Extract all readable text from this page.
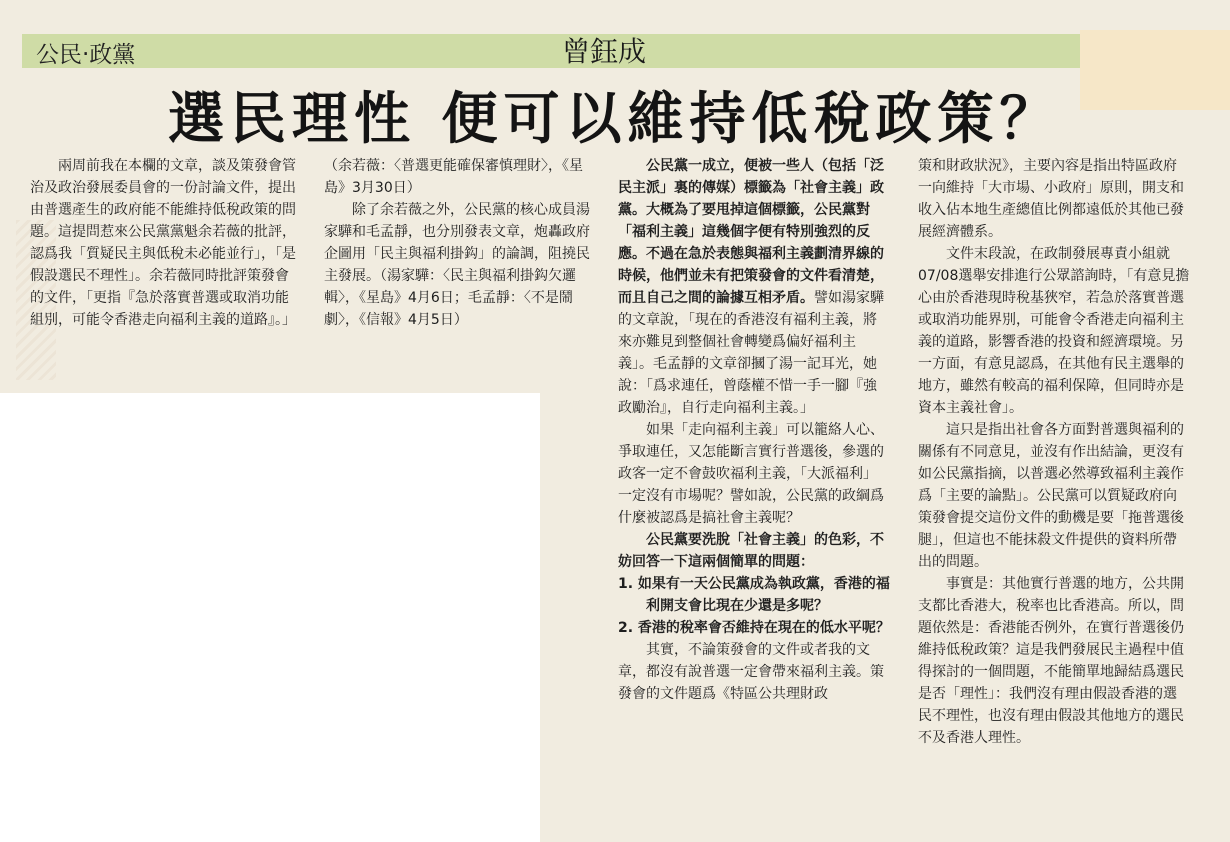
公民‧政黨	曾鈺成
選民理性 便可以維持低稅政策？

兩周前我在本欄的文章，談及策發會管治及政治發展委員會的一份討論文件，提出由普選產生的政府能不能維持低稅政策的問題。這提問惹來公民黨黨魁余若薇的批評，認爲我「質疑民主與低稅未必能並行」，「是假設選民不理性」。余若薇同時批評策發會的文件，「更指『急於落實普選或取消功能組別，可能令香港走向福利主義的道路』。」

（余若薇：〈普選更能確保審慎理財〉，《星島》3月30日）

除了余若薇之外，公民黨的核心成員湯家驊和毛孟靜，也分別發表文章，炮轟政府企圖用「民主與福利掛鈎」的論調，阻撓民主發展。（湯家驊：〈民主與福利掛鈎欠邏輯〉，《星島》4月6日；毛孟靜：〈不是鬧劇〉，《信報》4月5日）

公民黨一成立，便被一些人（包括「泛民主派」裏的傳媒）標籤為「社會主義」政黨。大概為了要甩掉這個標籤，公民黨對「福利主義」這幾個字便有特別強烈的反應。不過在急於表態與福利主義劃清界線的時候，他們並未有把策發會的文件看清楚，而且自己之間的論據互相矛盾。譬如湯家驊的文章說，「現在的香港沒有福利主義，將來亦難見到整個社會轉變爲偏好福利主義」。毛孟靜的文章卻摑了湯一記耳光，她說：「爲求連任，曾蔭權不惜一手一腳『強政勵治』，自行走向福利主義。」

如果「走向福利主義」可以籠絡人心、爭取連任，又怎能斷言實行普選後，參選的政客一定不會鼓吹福利主義，「大派福利」一定沒有市場呢？譬如說，公民黨的政綱爲什麼被認爲是搞社會主義呢？

公民黨要洗脫「社會主義」的色彩，不妨回答一下這兩個簡單的問題：

1. 如果有一天公民黨成為執政黨，香港的福利開支會比現在少還是多呢？
2. 香港的稅率會否維持在現在的低水平呢？

其實，不論策發會的文件或者我的文章，都沒有說普選一定會帶來福利主義。策發會的文件題爲《特區公共理財政

策和財政狀況》，主要內容是指出特區政府一向維持「大市場、小政府」原則，開支和收入佔本地生產總值比例都遠低於其他已發展經濟體系。

文件末段說，在政制發展專責小組就07/08選舉安排進行公眾諮詢時，「有意見擔心由於香港現時稅基狹窄，若急於落實普選或取消功能界別，可能會令香港走向福利主義的道路，影響香港的投資和經濟環境。另一方面，有意見認爲，在其他有民主選舉的地方，雖然有較高的福利保障，但同時亦是資本主義社會」。

這只是指出社會各方面對普選與福利的關係有不同意見，並沒有作出結論，更沒有如公民黨指摘，以普選必然導致福利主義作爲「主要的論點」。公民黨可以質疑政府向策發會提交這份文件的動機是要「拖普選後腿」，但這也不能抹殺文件提供的資料所帶出的問題。

事實是：其他實行普選的地方，公共開支都比香港大，稅率也比香港高。所以，問題依然是：香港能否例外，在實行普選後仍維持低稅政策？這是我們發展民主過程中值得探討的一個問題，不能簡單地歸結爲選民是否「理性」：我們沒有理由假設香港的選民不理性，也沒有理由假設其他地方的選民不及香港人理性。
